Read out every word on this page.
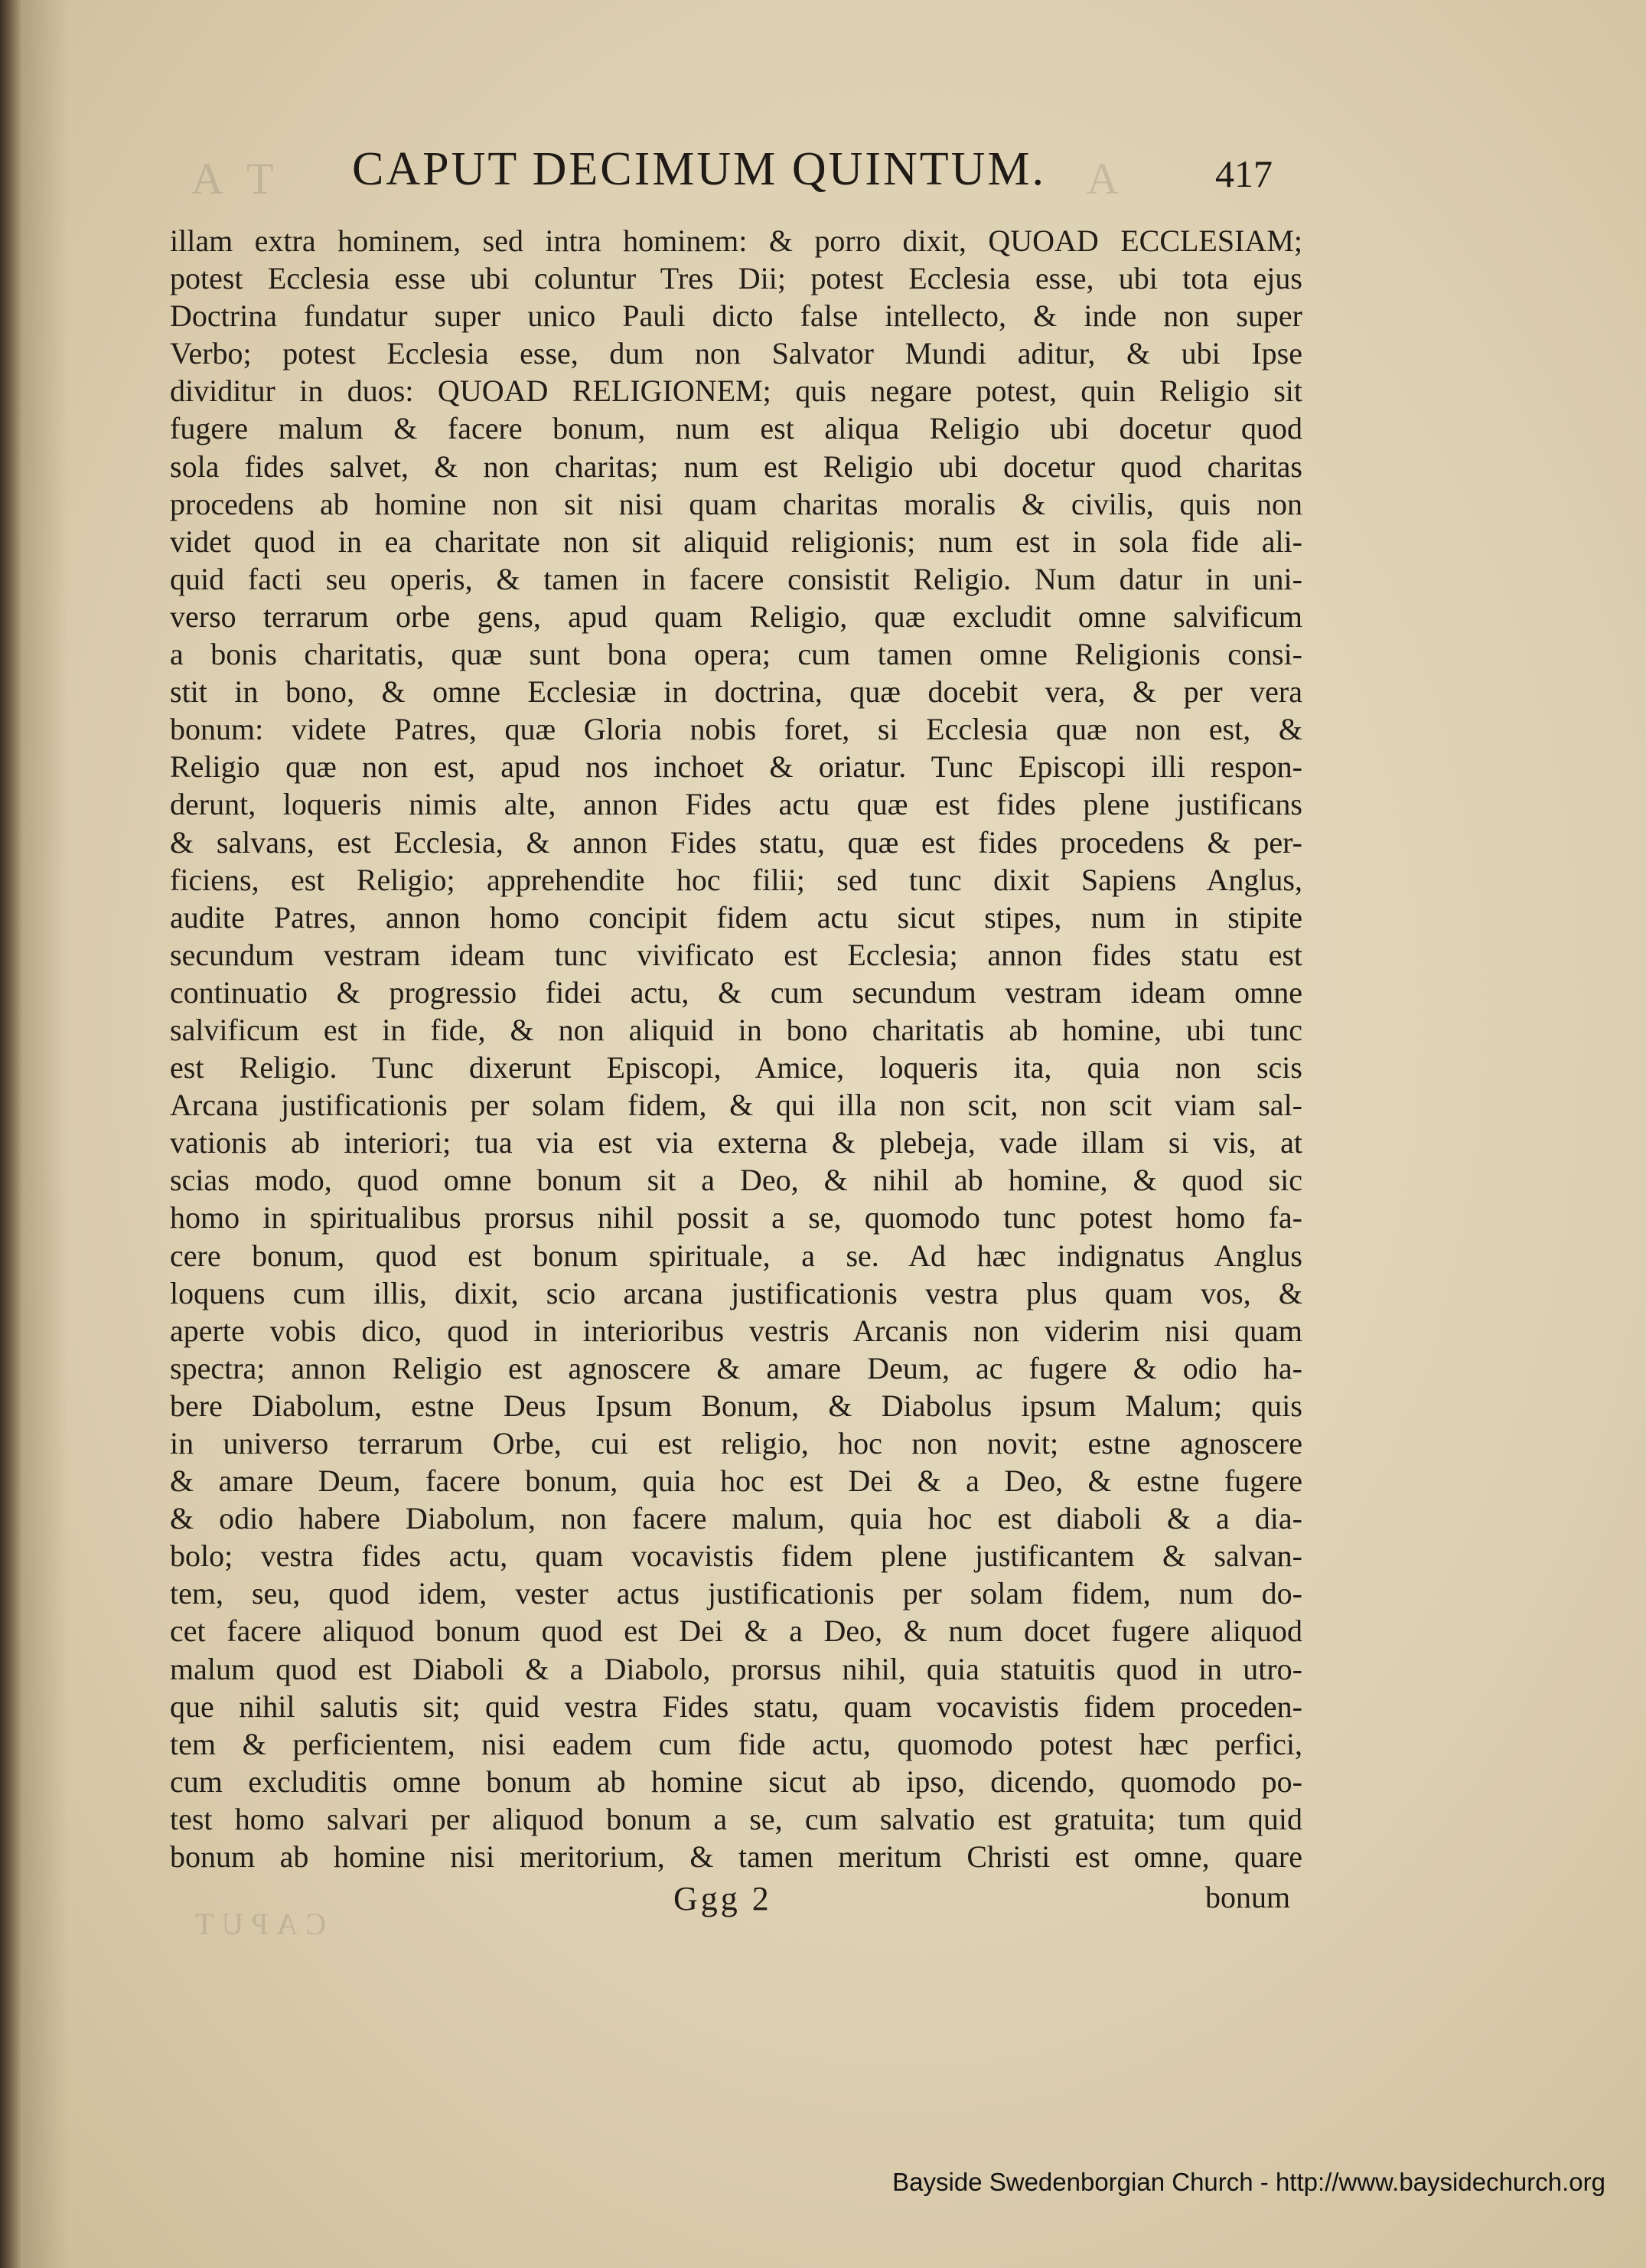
A T	A
CAPUT
CAPUT DECIMUM QUINTUM.	417
illam extra hominem, sed intra hominem: & porro dixit, QUOAD ECCLESIAM;
potest Ecclesia esse ubi coluntur Tres Dii; potest Ecclesia esse, ubi tota ejus
Doctrina fundatur super unico Pauli dicto false intellecto, & inde non super
Verbo; potest Ecclesia esse, dum non Salvator Mundi aditur, & ubi Ipse
dividitur in duos: QUOAD RELIGIONEM; quis negare potest, quin Religio sit
fugere malum & facere bonum, num est aliqua Religio ubi docetur quod
sola fides salvet, & non charitas; num est Religio ubi docetur quod charitas
procedens ab homine non sit nisi quam charitas moralis & civilis, quis non
videt quod in ea charitate non sit aliquid religionis; num est in sola fide ali-
quid facti seu operis, & tamen in facere consistit Religio. Num datur in uni-
verso terrarum orbe gens, apud quam Religio, quæ excludit omne salvificum
a bonis charitatis, quæ sunt bona opera; cum tamen omne Religionis consi-
stit in bono, & omne Ecclesiæ in doctrina, quæ docebit vera, & per vera
bonum: videte Patres, quæ Gloria nobis foret, si Ecclesia quæ non est, &
Religio quæ non est, apud nos inchoet & oriatur. Tunc Episcopi illi respon-
derunt, loqueris nimis alte, annon Fides actu quæ est fides plene justificans
& salvans, est Ecclesia, & annon Fides statu, quæ est fides procedens & per-
ficiens, est Religio; apprehendite hoc filii; sed tunc dixit Sapiens Anglus,
audite Patres, annon homo concipit fidem actu sicut stipes, num in stipite
secundum vestram ideam tunc vivificato est Ecclesia; annon fides statu est
continuatio & progressio fidei actu, & cum secundum vestram ideam omne
salvificum est in fide, & non aliquid in bono charitatis ab homine, ubi tunc
est Religio. Tunc dixerunt Episcopi, Amice, loqueris ita, quia non scis
Arcana justificationis per solam fidem, & qui illa non scit, non scit viam sal-
vationis ab interiori; tua via est via externa & plebeja, vade illam si vis, at
scias modo, quod omne bonum sit a Deo, & nihil ab homine, & quod sic
homo in spiritualibus prorsus nihil possit a se, quomodo tunc potest homo fa-
cere bonum, quod est bonum spirituale, a se. Ad hæc indignatus Anglus
loquens cum illis, dixit, scio arcana justificationis vestra plus quam vos, &
aperte vobis dico, quod in interioribus vestris Arcanis non viderim nisi quam
spectra; annon Religio est agnoscere & amare Deum, ac fugere & odio ha-
bere Diabolum, estne Deus Ipsum Bonum, & Diabolus ipsum Malum; quis
in universo terrarum Orbe, cui est religio, hoc non novit; estne agnoscere
& amare Deum, facere bonum, quia hoc est Dei & a Deo, & estne fugere
& odio habere Diabolum, non facere malum, quia hoc est diaboli & a dia-
bolo; vestra fides actu, quam vocavistis fidem plene justificantem & salvan-
tem, seu, quod idem, vester actus justificationis per solam fidem, num do-
cet facere aliquod bonum quod est Dei & a Deo, & num docet fugere aliquod
malum quod est Diaboli & a Diabolo, prorsus nihil, quia statuitis quod in utro-
que nihil salutis sit; quid vestra Fides statu, quam vocavistis fidem proceden-
tem & perficientem, nisi eadem cum fide actu, quomodo potest hæc perfici,
cum excluditis omne bonum ab homine sicut ab ipso, dicendo, quomodo po-
test homo salvari per aliquod bonum a se, cum salvatio est gratuita; tum quid
bonum ab homine nisi meritorium, & tamen meritum Christi est omne, quare
Ggg 2	bonum
Bayside Swedenborgian Church - http://www.baysidechurch.org
